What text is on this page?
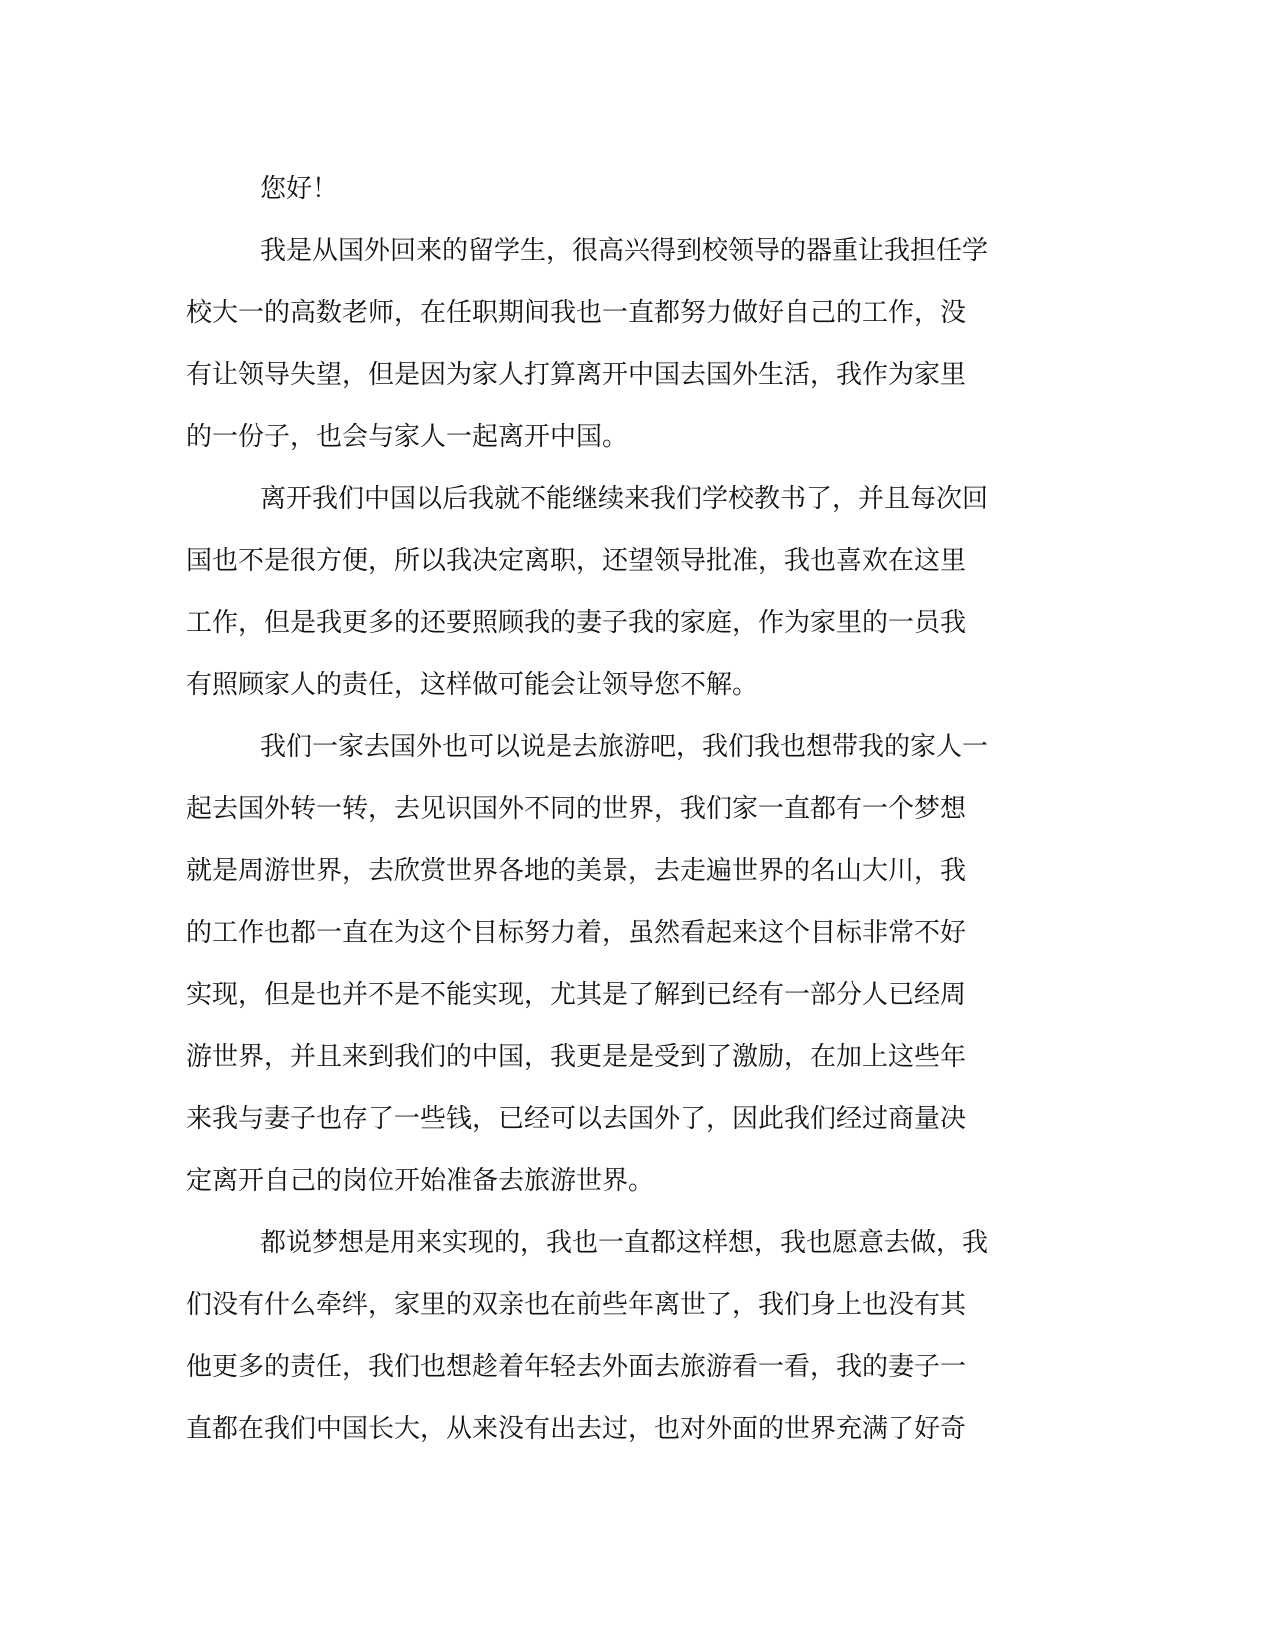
您好！
我是从国外回来的留学生，很高兴得到校领导的器重让我担任学
校大一的高数老师，在任职期间我也一直都努力做好自己的工作，没
有让领导失望，但是因为家人打算离开中国去国外生活，我作为家里
的一份子，也会与家人一起离开中国。
离开我们中国以后我就不能继续来我们学校教书了，并且每次回
国也不是很方便，所以我决定离职，还望领导批准，我也喜欢在这里
工作，但是我更多的还要照顾我的妻子我的家庭，作为家里的一员我
有照顾家人的责任，这样做可能会让领导您不解。
我们一家去国外也可以说是去旅游吧，我们我也想带我的家人一
起去国外转一转，去见识国外不同的世界，我们家一直都有一个梦想
就是周游世界，去欣赏世界各地的美景，去走遍世界的名山大川，我
的工作也都一直在为这个目标努力着，虽然看起来这个目标非常不好
实现，但是也并不是不能实现，尤其是了解到已经有一部分人已经周
游世界，并且来到我们的中国，我更是是受到了激励，在加上这些年
来我与妻子也存了一些钱，已经可以去国外了，因此我们经过商量决
定离开自己的岗位开始准备去旅游世界。
都说梦想是用来实现的，我也一直都这样想，我也愿意去做，我
们没有什么牵绊，家里的双亲也在前些年离世了，我们身上也没有其
他更多的责任，我们也想趁着年轻去外面去旅游看一看，我的妻子一
直都在我们中国长大，从来没有出去过，也对外面的世界充满了好奇
